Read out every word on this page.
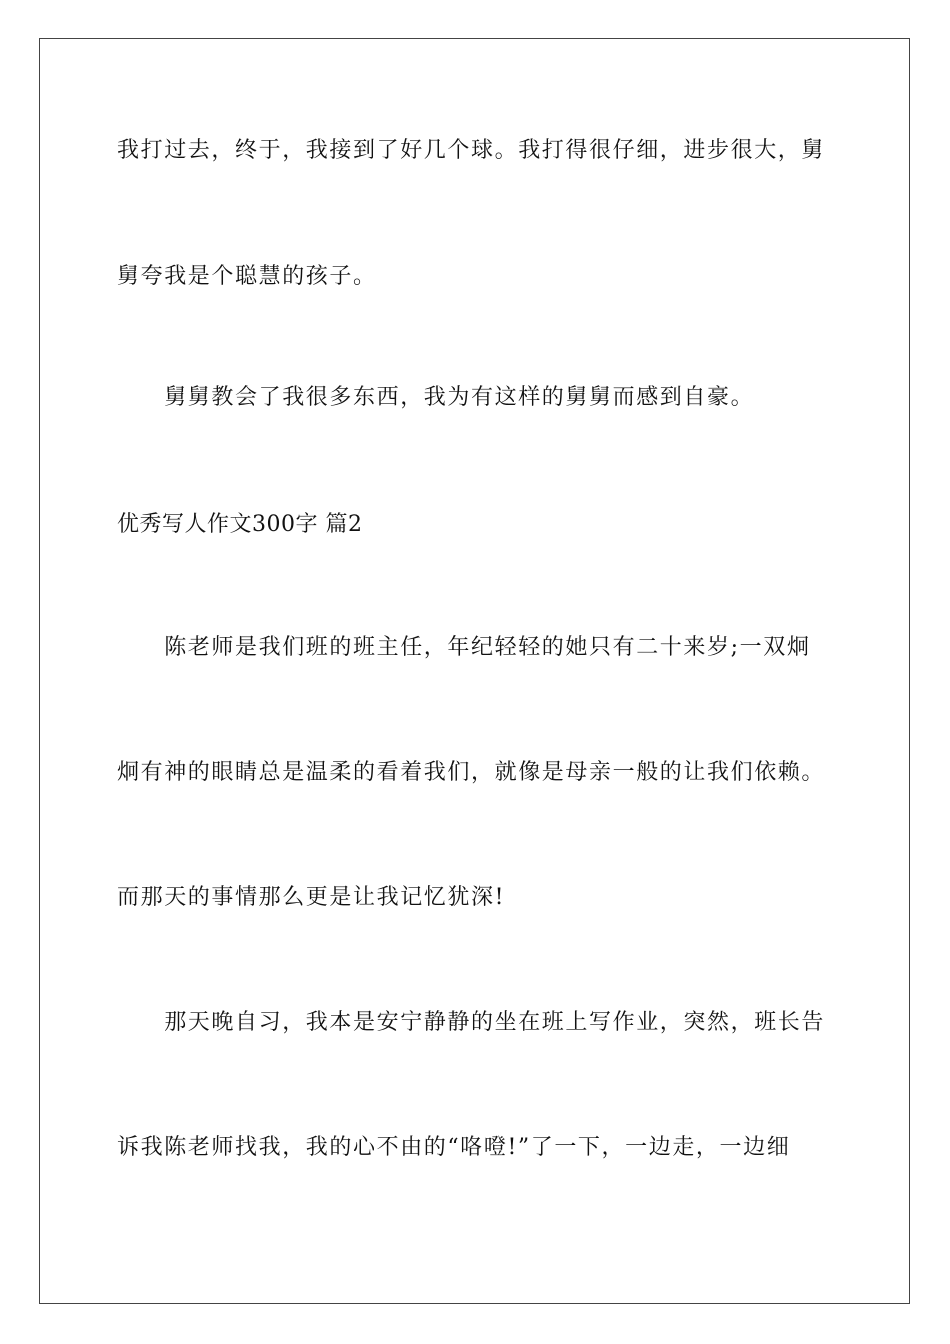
我打过去，终于，我接到了好几个球。我打得很仔细，进步很大，舅
舅夸我是个聪慧的孩子。
　　舅舅教会了我很多东西，我为有这样的舅舅而感到自豪。
优秀写人作文300字 篇2
　　陈老师是我们班的班主任，年纪轻轻的她只有二十来岁;一双炯
炯有神的眼睛总是温柔的看着我们，就像是母亲一般的让我们依赖。
而那天的事情那么更是让我记忆犹深!
　　那天晚自习，我本是安宁静静的坐在班上写作业，突然，班长告
诉我陈老师找我，我的心不由的“咯噔!”了一下，一边走，一边细
